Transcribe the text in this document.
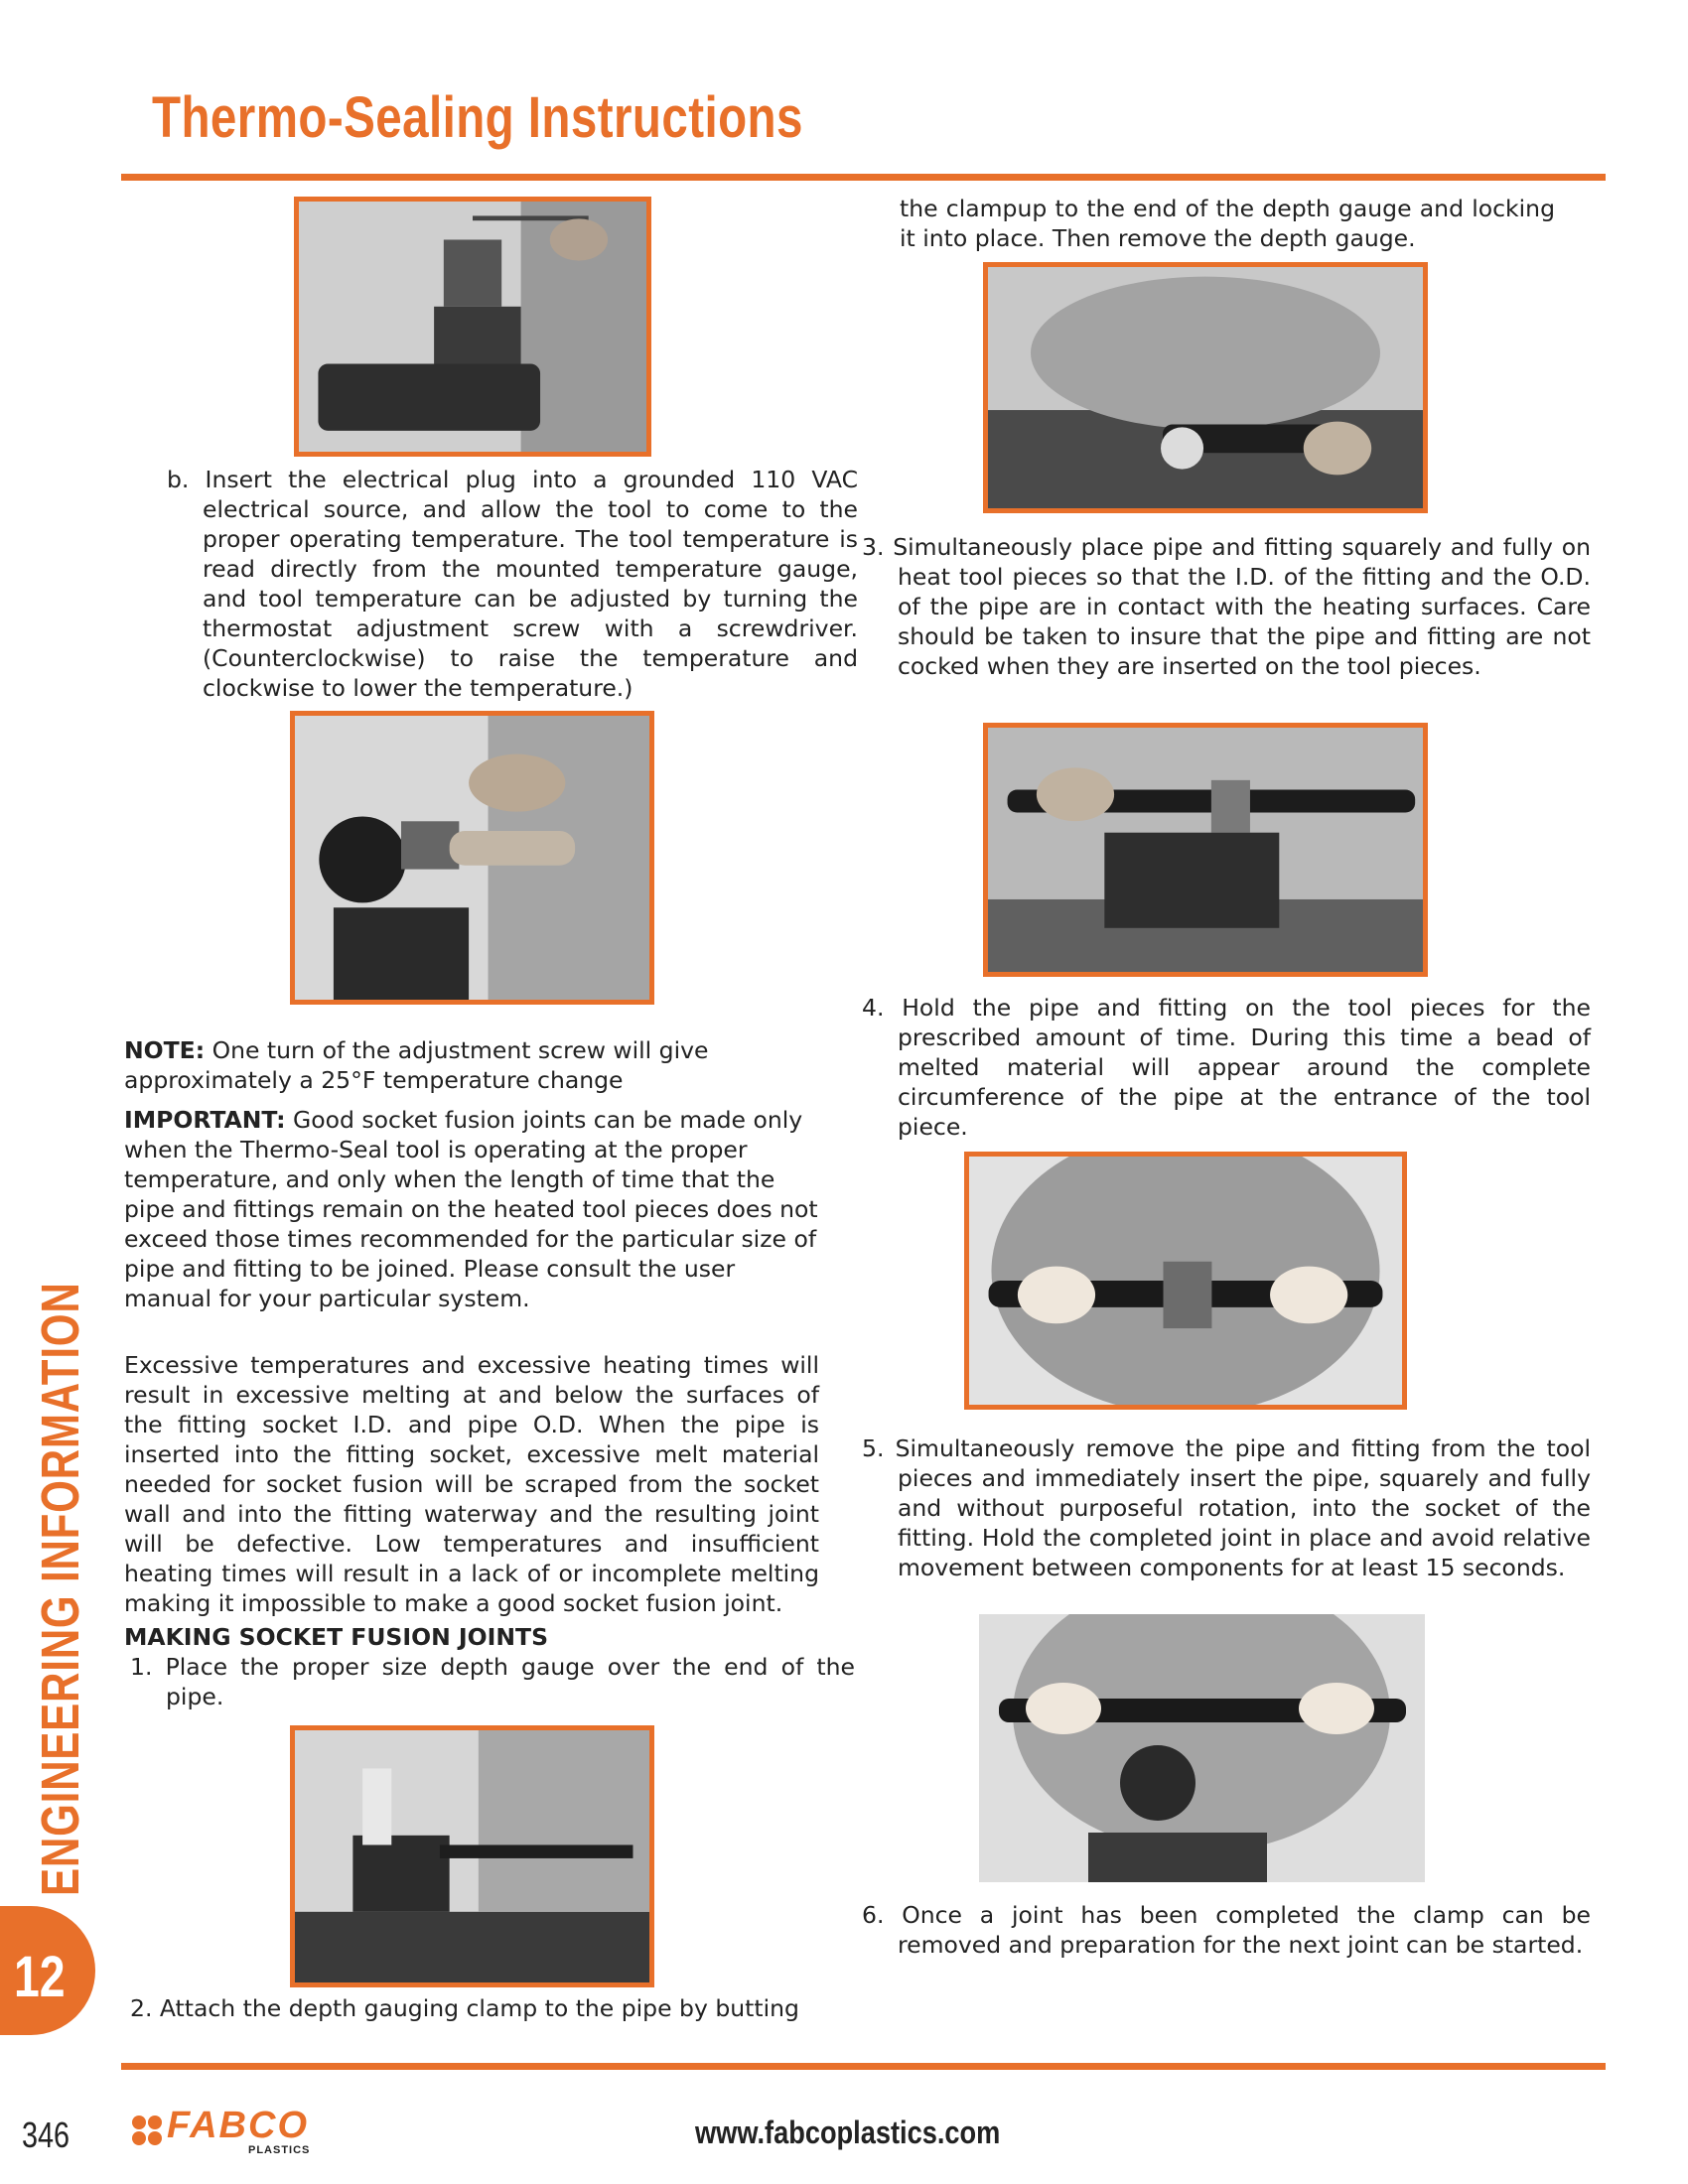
Thermo-Sealing Instructions
b. Insert the electrical plug into a grounded 110 VAC electrical source, and allow the tool to come to the proper operating temperature. The tool temperature is read directly from the mounted temperature gauge, and tool temperature can be adjusted by turning the thermostat adjustment screw with a screwdriver. (Counterclockwise) to raise the temperature and clockwise to lower the temperature.)
NOTE: One turn of the adjustment screw will give approximately a 25°F temperature change
IMPORTANT: Good socket fusion joints can be made only when the Thermo-Seal tool is operating at the proper temperature, and only when the length of time that the pipe and fittings remain on the heated tool pieces does not exceed those times recommended for the particular size of pipe and fitting to be joined. Please consult the user manual for your particular system.
Excessive temperatures and excessive heating times will result in excessive melting at and below the surfaces of the fitting socket I.D. and pipe O.D. When the pipe is inserted into the fitting socket, excessive melt material needed for socket fusion will be scraped from the socket wall and into the fitting waterway and the resulting joint will be defective. Low temperatures and insufficient heating times will result in a lack of or incomplete melting making it impossible to make a good socket fusion joint.
MAKING SOCKET FUSION JOINTS
1. Place the proper size depth gauge over the end of the pipe.
2. Attach the depth gauging clamp to the pipe by butting
the clampup to the end of the depth gauge and locking it into place. Then remove the depth gauge.
3. Simultaneously place pipe and fitting squarely and fully on heat tool pieces so that the I.D. of the fitting and the O.D. of the pipe are in contact with the heating surfaces. Care should be taken to insure that the pipe and fitting are not cocked when they are inserted on the tool pieces.
4. Hold the pipe and fitting on the tool pieces for the prescribed amount of time. During this time a bead of melted material will appear around the complete circumference of the pipe at the entrance of the tool piece.
5. Simultaneously remove the pipe and fitting from the tool pieces and immediately insert the pipe, squarely and fully and without purposeful rotation, into the socket of the fitting. Hold the completed joint in place and avoid relative movement between components for at least 15 seconds.
6. Once a joint has been completed the clamp can be removed and preparation for the next joint can be started.
ENGINEERING INFORMATION
12
346	FABCO
PLASTICS	www.fabcoplastics.com
